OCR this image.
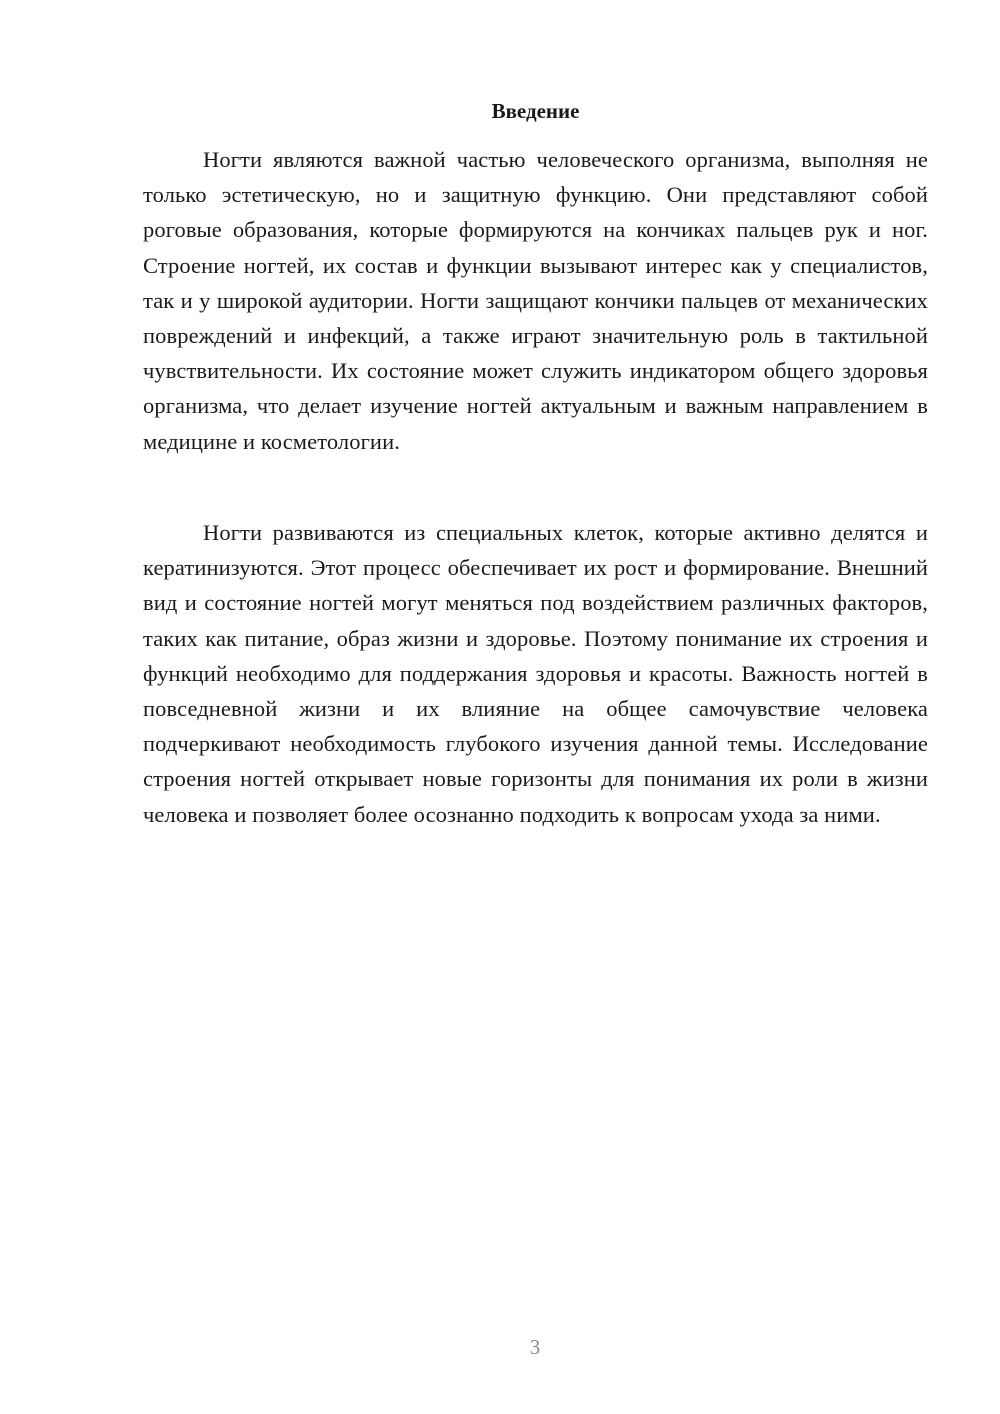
Введение

Ногти являются важной частью человеческого организма, выполняя не только эстетическую, но и защитную функцию. Они представляют собой роговые образования, которые формируются на кончиках пальцев рук и ног. Строение ногтей, их состав и функции вызывают интерес как у специалистов, так и у широкой аудитории. Ногти защищают кончики пальцев от механических повреждений и инфекций, а также играют значительную роль в тактильной чувствительности. Их состояние может служить индикатором общего здоровья организма, что делает изучение ногтей актуальным и важным направлением в медицине и косметологии.

Ногти развиваются из специальных клеток, которые активно делятся и кератинизуются. Этот процесс обеспечивает их рост и формирование. Внешний вид и состояние ногтей могут меняться под воздействием различных факторов, таких как питание, образ жизни и здоровье. Поэтому понимание их строения и функций необходимо для поддержания здоровья и красоты. Важность ногтей в повседневной жизни и их влияние на общее самочувствие человека подчеркивают необходимость глубокого изучения данной темы. Исследование строения ногтей открывает новые горизонты для понимания их роли в жизни человека и позволяет более осознанно подходить к вопросам ухода за ними.

3
